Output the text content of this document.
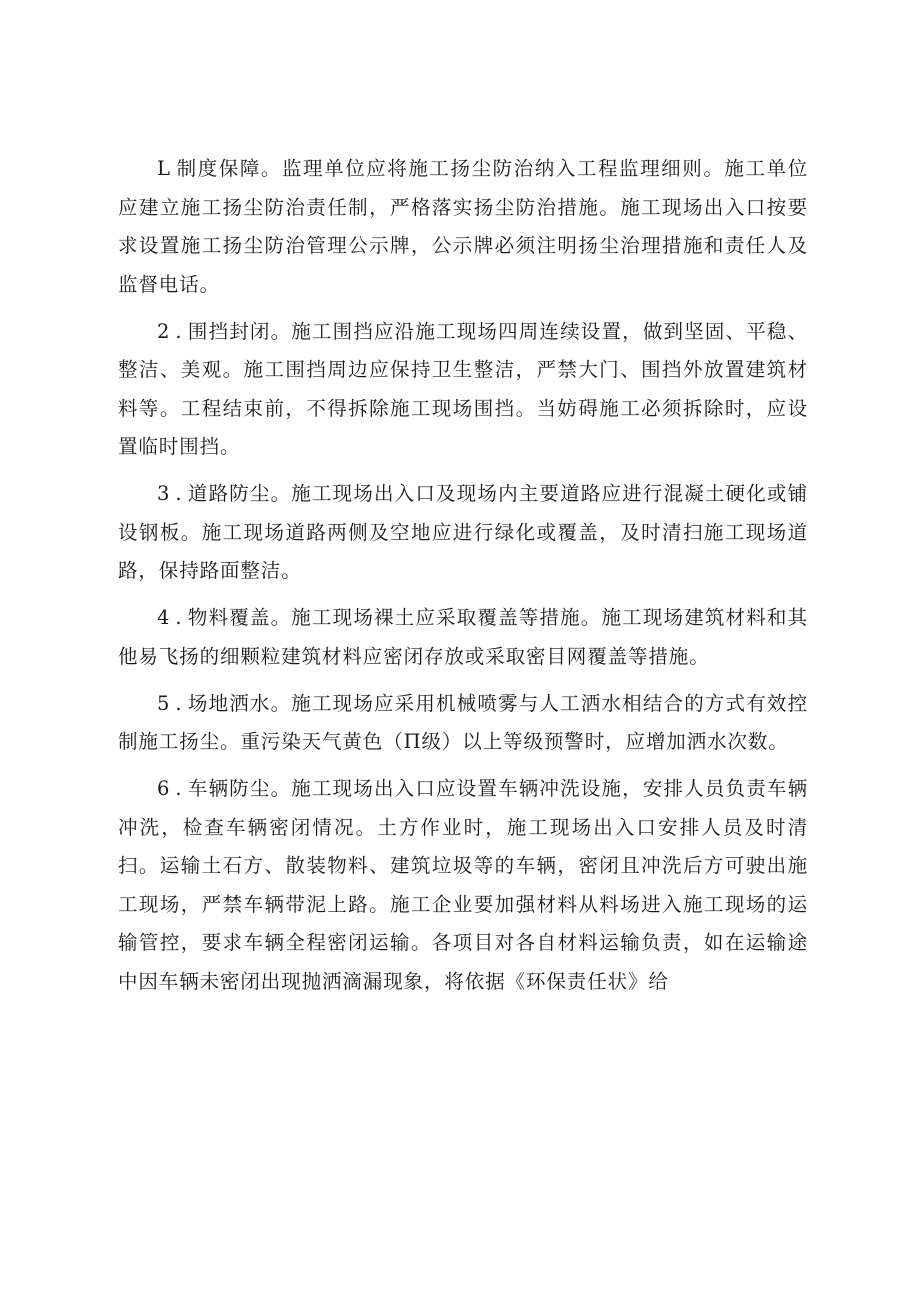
L制度保障。监理单位应将施工扬尘防治纳入工程监理细则。施工单位应建立施工扬尘防治责任制，严格落实扬尘防治措施。施工现场出入口按要求设置施工扬尘防治管理公示牌，公示牌必须注明扬尘治理措施和责任人及监督电话。

2.围挡封闭。施工围挡应沿施工现场四周连续设置，做到坚固、平稳、整洁、美观。施工围挡周边应保持卫生整洁，严禁大门、围挡外放置建筑材料等。工程结束前，不得拆除施工现场围挡。当妨碍施工必须拆除时，应设置临时围挡。

3.道路防尘。施工现场出入口及现场内主要道路应进行混凝土硬化或铺设钢板。施工现场道路两侧及空地应进行绿化或覆盖，及时清扫施工现场道路，保持路面整洁。

4.物料覆盖。施工现场裸土应采取覆盖等措施。施工现场建筑材料和其他易飞扬的细颗粒建筑材料应密闭存放或采取密目网覆盖等措施。

5.场地洒水。施工现场应采用机械喷雾与人工洒水相结合的方式有效控制施工扬尘。重污染天气黄色（П级）以上等级预警时，应增加洒水次数。

6.车辆防尘。施工现场出入口应设置车辆冲洗设施，安排人员负责车辆冲洗，检查车辆密闭情况。土方作业时，施工现场出入口安排人员及时清扫。运输土石方、散装物料、建筑垃圾等的车辆，密闭且冲洗后方可驶出施工现场，严禁车辆带泥上路。施工企业要加强材料从料场进入施工现场的运输管控，要求车辆全程密闭运输。各项目对各自材料运输负责，如在运输途中因车辆未密闭出现抛洒滴漏现象，将依据《环保责任状》给
